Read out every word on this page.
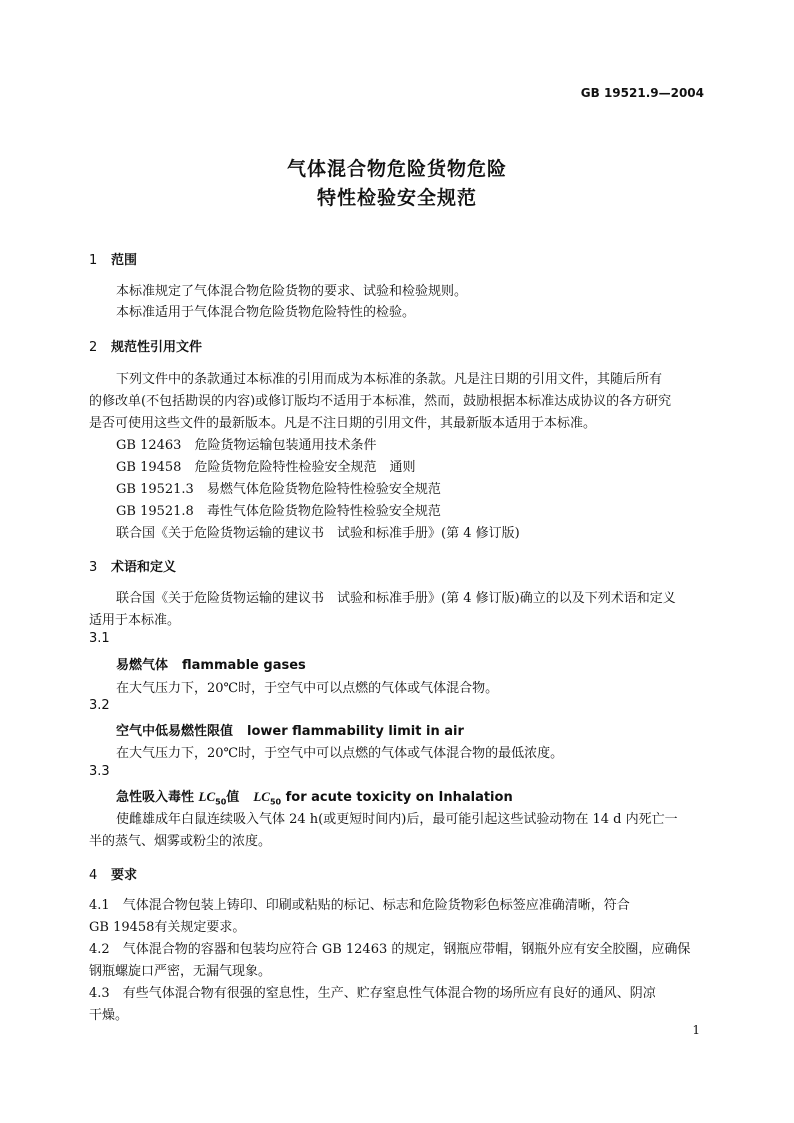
GB 19521.9—2004
气体混合物危险货物危险
特性检验安全规范
1 范围
本标准规定了气体混合物危险货物的要求、试验和检验规则。
本标准适用于气体混合物危险货物危险特性的检验。
2 规范性引用文件
下列文件中的条款通过本标准的引用而成为本标准的条款。凡是注日期的引用文件，其随后所有
的修改单(不包括勘误的内容)或修订版均不适用于本标准，然而，鼓励根据本标准达成协议的各方研究
是否可使用这些文件的最新版本。凡是不注日期的引用文件，其最新版本适用于本标准。
GB 12463 危险货物运输包装通用技术条件
GB 19458 危险货物危险特性检验安全规范　通则
GB 19521.3 易燃气体危险货物危险特性检验安全规范
GB 19521.8 毒性气体危险货物危险特性检验安全规范
联合国《关于危险货物运输的建议书 试验和标准手册》(第 4 修订版)
3 术语和定义
联合国《关于危险货物运输的建议书 试验和标准手册》(第 4 修订版)确立的以及下列术语和定义
适用于本标准。
3.1
易燃气体 flammable gases
在大气压力下，20℃时，于空气中可以点燃的气体或气体混合物。
3.2
空气中低易燃性限值 lower flammability limit in air
在大气压力下，20℃时，于空气中可以点燃的气体或气体混合物的最低浓度。
3.3
急性吸入毒性 $LC_{50}$值 $LC_{50}$ for acute toxicity on Inhalation
使雌雄成年白鼠连续吸入气体 24 h(或更短时间内)后，最可能引起这些试验动物在 14 d 内死亡一
半的蒸气、烟雾或粉尘的浓度。
4 要求
4.1 气体混合物包装上铸印、印刷或粘贴的标记、标志和危险货物彩色标签应准确清晰，符合
GB 19458有关规定要求。
4.2 气体混合物的容器和包装均应符合 GB 12463 的规定，钢瓶应带帽，钢瓶外应有安全胶圈，应确保
钢瓶螺旋口严密，无漏气现象。
4.3 有些气体混合物有很强的窒息性，生产、贮存窒息性气体混合物的场所应有良好的通风、阴凉
干燥。
1
